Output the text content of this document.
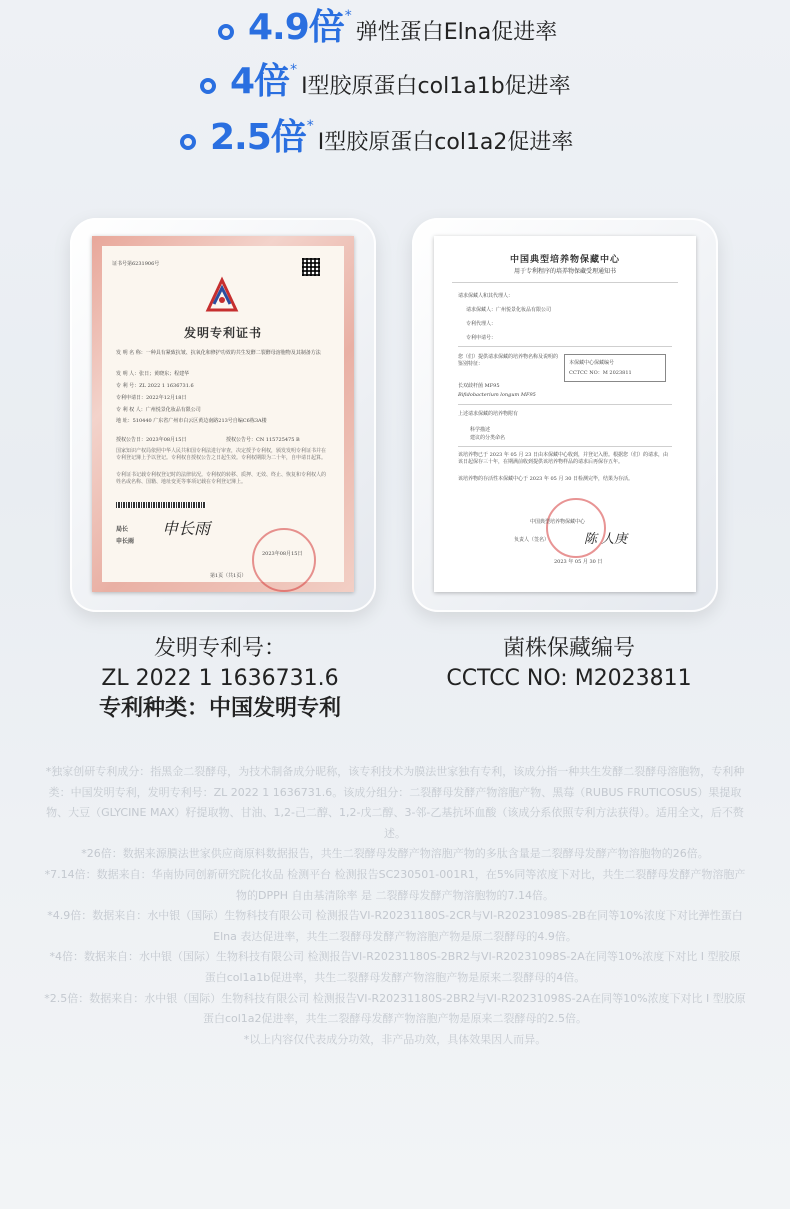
4.9倍 *
弹性蛋白Elna促进率
4倍 *
I型胶原蛋白col1a1b促进率
2.5倍 *
I型胶原蛋白col1a2促进率
证书号第6231906号
发明专利证书
发 明 名 称：一种具有紧致抗皱、抗氧化和修护功效的共生发酵二裂酵母溶胞物及其制备方法
发 明 人：张日；黄晓东；程建华
专 利 号：ZL 2022 1 1636731.6
专利申请日：2022年12月18日
专 利 权 人：广州悦景化妆品有限公司
地 址：510440 广东省广州市白云区黄边南路213号自编C6栋3A楼
授权公告日：2023年08月15日	授权公告号：CN 115725475 B
国家知识产权局依照中华人民共和国专利法进行审查，决定授予专利权，颁发发明专利证书并在专利登记簿上予以登记。专利权自授权公告之日起生效。专利权期限为二十年，自申请日起算。
专利证书记载专利权登记时的法律状况。专利权的转移、质押、无效、终止、恢复和专利权人的姓名或名称、国籍、地址变更等事项记载在专利登记簿上。
局长
申长雨
申长雨
2023年08月15日
第1页（共1页）
中国典型培养物保藏中心
用于专利程序的培养物保藏受理通知书
请求保藏人和其代理人：
请求保藏人：广州悦景化妆品有限公司
专利代理人：
专利申请号：
您（们）提供请求保藏的培养物名称及说明的鉴别特征：	本保藏中心保藏编号
CCTCC NO：M 2023811
长双歧杆菌 MF95
Bifidobacterium longum MF95
上述请求保藏的培养物附有
科学描述
建议的分类命名
该培养物已于 2023 年 05 月 23 日由本保藏中心收到，并登记入册。根据您（们）的请求，由该日起保存三十年，在期满前收到提供该培养物样品的请求后再保存五年。
该培养物的存活性本保藏中心于 2023 年 05 月 30 日检测完毕，结果为存活。
中国典型培养物保藏中心
负责人（签名）	陈 ⼈庚
2023 年 05 月 30 日
发明专利号：
ZL 2022 1 1636731.6
专利种类：中国发明专利
菌株保藏编号
CCTCC NO: M2023811

*独家创研专利成分：指黑金二裂酵母，为技术制备成分昵称，该专利技术为膜法世家独有专利，该成分指一种共生发酵二裂酵母溶胞物，专利种类：中国发明专利，发明专利号：ZL 2022 1 1636731.6。该成分组分：二裂酵母发酵产物溶胞产物、黑莓（RUBUS FRUTICOSUS）果提取物、大豆（GLYCINE MAX）籽提取物、甘油、1,2-己二醇、1,2-戊二醇、3-邻-乙基抗坏血酸（该成分系依照专利方法获得）。适用全文，后不赘述。

*26倍：数据来源膜法世家供应商原料数据报告，共生二裂酵母发酵产物溶胞产物的多肽含量是二裂酵母发酵产物溶胞物的26倍。

*7.14倍：数据来自：华南协同创新研究院化妆品 检测平台 检测报告SC230501-001R1，在5%同等浓度下对比，共生二裂酵母发酵产物溶胞产物的DPPH 自由基清除率 是 二裂酵母发酵产物溶胞物的7.14倍。

*4.9倍：数据来自：水中银（国际）生物科技有限公司 检测报告VI-R20231180S-2CR与VI-R20231098S-2B在同等10%浓度下对比弹性蛋白Elna 表达促进率，共生二裂酵母发酵产物溶胞产物是原二裂酵母的4.9倍。

*4倍：数据来自：水中银（国际）生物科技有限公司 检测报告VI-R20231180S-2BR2与VI-R20231098S-2A在同等10%浓度下对比 I 型胶原蛋白col1a1b促进率，共生二裂酵母发酵产物溶胞产物是原来二裂酵母的4倍。

*2.5倍：数据来自：水中银（国际）生物科技有限公司 检测报告VI-R20231180S-2BR2与VI-R20231098S-2A在同等10%浓度下对比 I 型胶原蛋白col1a2促进率，共生二裂酵母发酵产物溶胞产物是原来二裂酵母的2.5倍。

*以上内容仅代表成分功效，非产品功效，具体效果因人而异。
